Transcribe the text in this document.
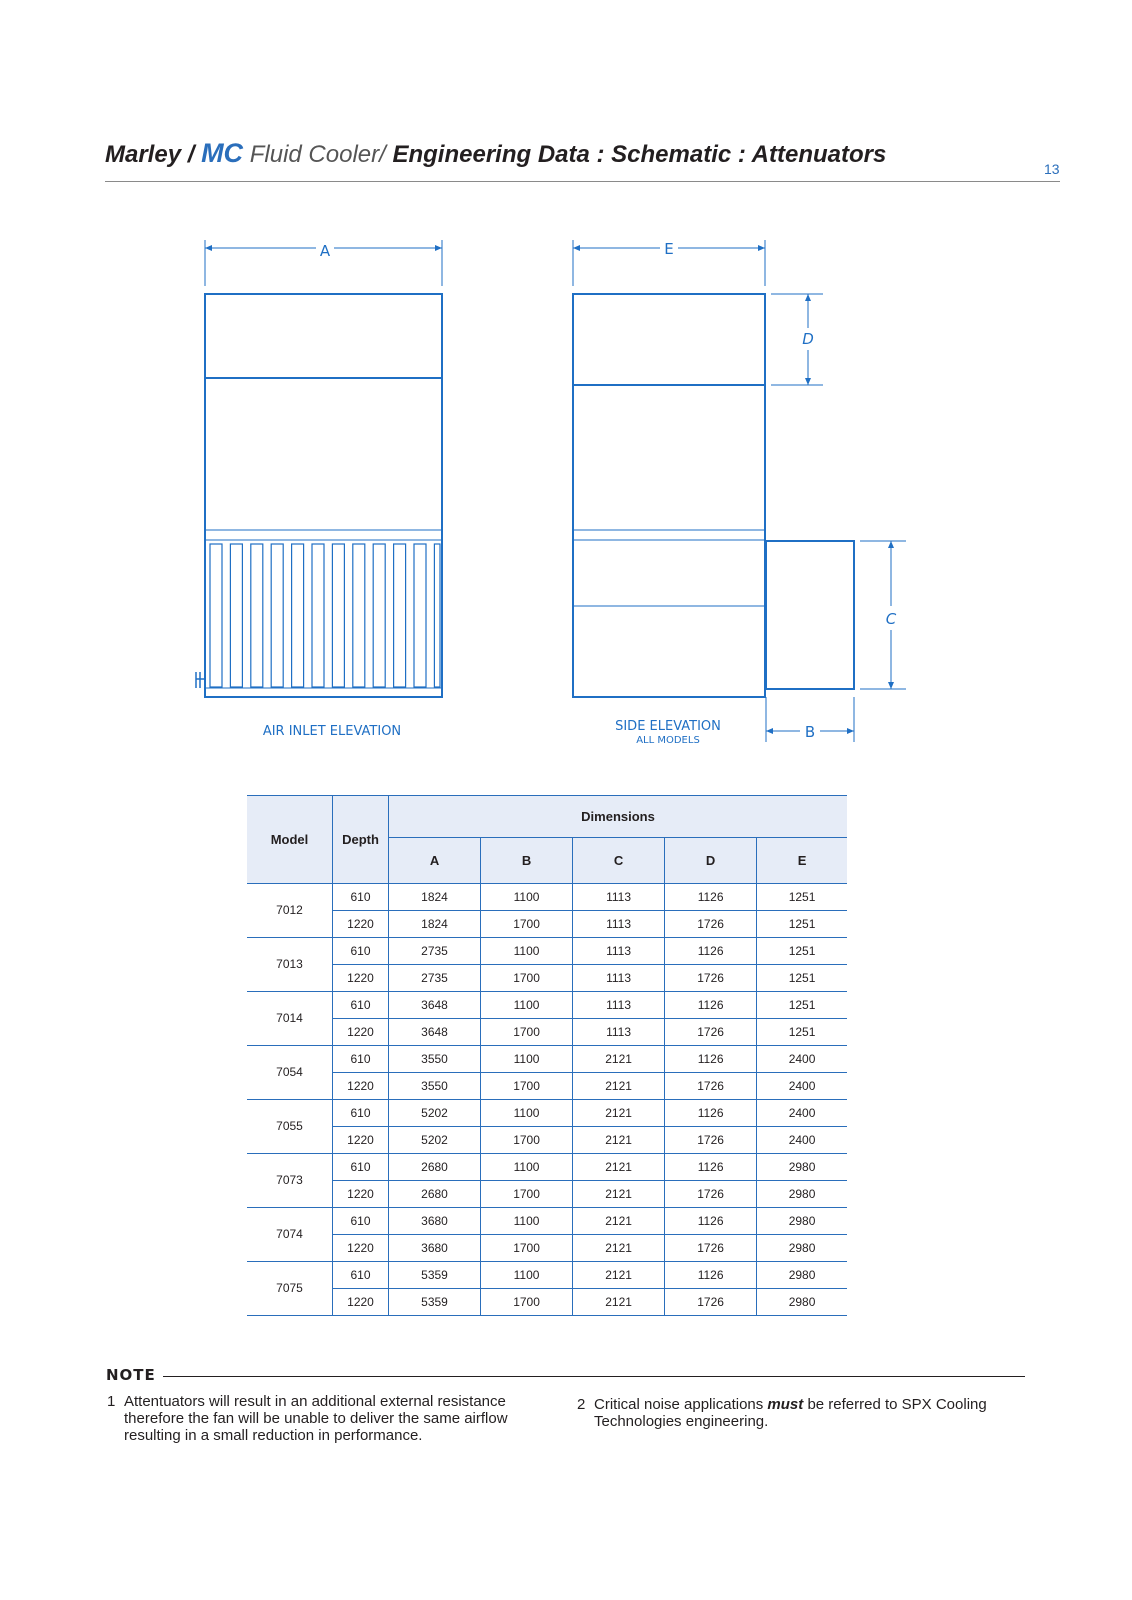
Marley / MC Fluid Cooler/ Engineering Data : Schematic : Attenuators
13
A	E
D
C
B
AIR INLET ELEVATION	SIDE ELEVATION
ALL MODELS
Model	Depth	Dimensions				
		A	B	C	D	E

7012	610	1824	1100	1113	1126	1251
	1220	1824	1700	1113	1726	1251
7013	610	2735	1100	1113	1126	1251
	1220	2735	1700	1113	1726	1251
7014	610	3648	1100	1113	1126	1251
	1220	3648	1700	1113	1726	1251
7054	610	3550	1100	2121	1126	2400
	1220	3550	1700	2121	1726	2400
7055	610	5202	1100	2121	1126	2400
	1220	5202	1700	2121	1726	2400
7073	610	2680	1100	2121	1126	2980
	1220	2680	1700	2121	1726	2980
7074	610	3680	1100	2121	1126	2980
	1220	3680	1700	2121	1726	2980
7075	610	5359	1100	2121	1126	2980
	1220	5359	1700	2121	1726	2980
NOTE
1 Attentuators will result in an additional external resistance
therefore the fan will be unable to deliver the same airflow
resulting in a small reduction in performance.
2 Critical noise applications must be referred to SPX Cooling
Technologies engineering.
